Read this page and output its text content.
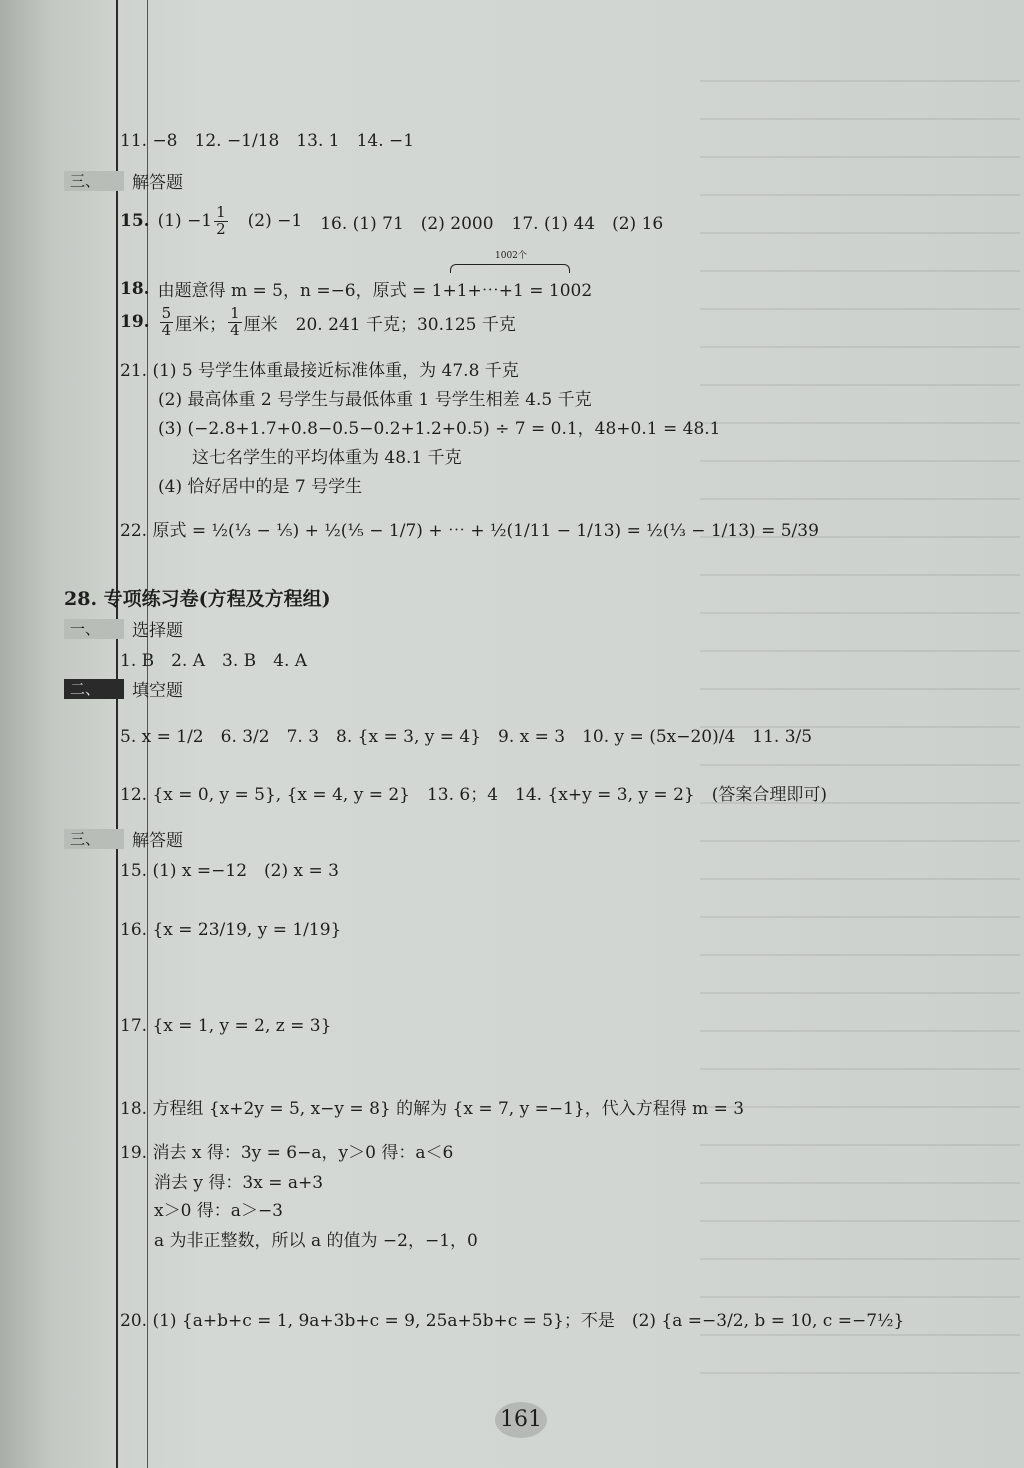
11. −8　12. −1/18　13. 1　14. −1
三、	解答题
15. $(1) -1 \frac{1}{2} (2) -1$ 16. (1) 71　(2) 2000 17. (1) 44　(2) 16
1002个
18. 由题意得 m = 5，n =−6，原式 = 1+1+⋯+1 = 1002
19. $\frac{5}{4}$ 厘米； $\frac{1}{4}$ 厘米 20. 241 千克；30.125 千克
21. (1) 5 号学生体重最接近标准体重，为 47.8 千克
(2) 最高体重 2 号学生与最低体重 1 号学生相差 4.5 千克
(3) (−2.8+1.7+0.8−0.5−0.2+1.2+0.5) ÷ 7 = 0.1，48+0.1 = 48.1
这七名学生的平均体重为 48.1 千克
(4) 恰好居中的是 7 号学生
22. 原式 = ½(⅓ − ⅕) + ½(⅕ − 1/7) + ⋯ + ½(1/11 − 1/13) = ½(⅓ − 1/13) = 5/39
28. 专项练习卷(方程及方程组)
一、	选择题
1. B　2. A　3. B　4. A
二、	填空题
5. x = 1/2　6. 3/2　7. 3　8. {x = 3, y = 4}　9. x = 3　10. y = (5x−20)/4　11. 3/5
12. {x = 0, y = 5}, {x = 4, y = 2}　13. 6；4　14. {x+y = 3, y = 2}　(答案合理即可)
三、	解答题
15. (1) x =−12　(2) x = 3
16. {x = 23/19, y = 1/19}
17. {x = 1, y = 2, z = 3}
18. 方程组 {x+2y = 5, x−y = 8} 的解为 {x = 7, y =−1}，代入方程得 m = 3
19. 消去 x 得：3y = 6−a，y＞0 得：a＜6
消去 y 得：3x = a+3
x＞0 得：a＞−3
a 为非正整数，所以 a 的值为 −2，−1，0
20. (1) {a+b+c = 1, 9a+3b+c = 9, 25a+5b+c = 5}；不是　(2) {a =−3/2, b = 10, c =−7½}
161
